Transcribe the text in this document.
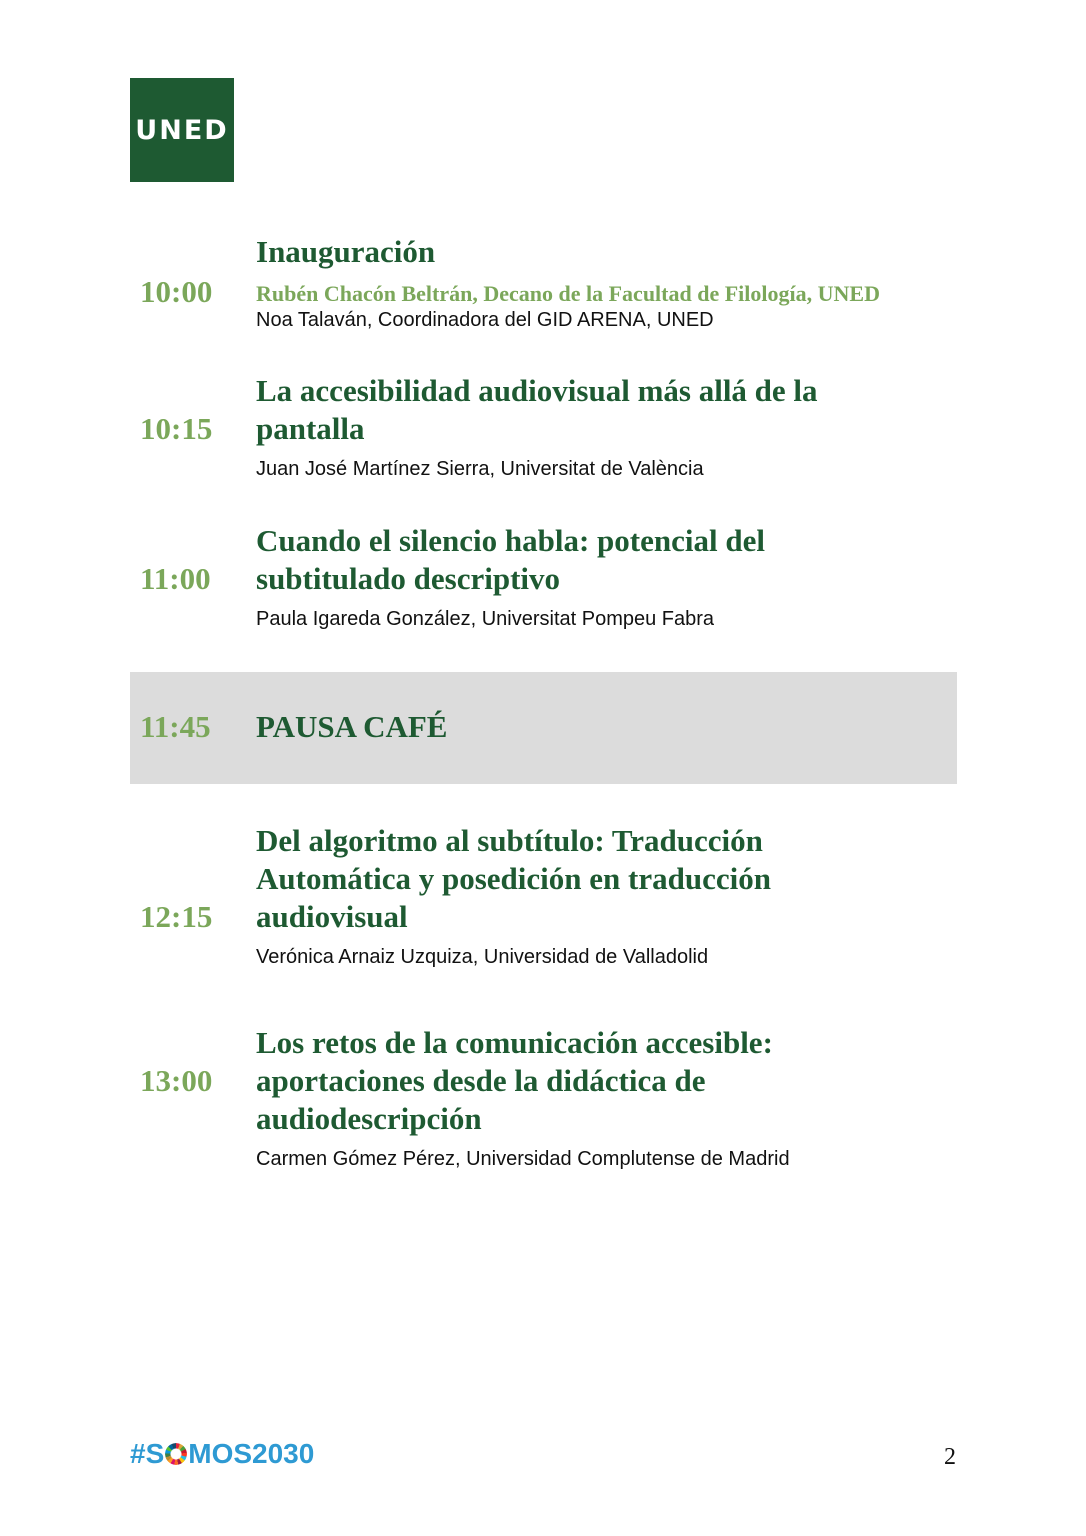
UNED
10:00
Inauguración
Rubén Chacón Beltrán, Decano de la Facultad de Filología, UNED
Noa Talaván, Coordinadora del GID ARENA, UNED
10:15
La accesibilidad audiovisual más allá de la
pantalla
Juan José Martínez Sierra, Universitat de València
11:00
Cuando el silencio habla: potencial del
subtitulado descriptivo
Paula Igareda González, Universitat Pompeu Fabra
11:45	PAUSA CAFÉ
12:15
Del algoritmo al subtítulo: Traducción
Automática y posedición en traducción
audiovisual
Verónica Arnaiz Uzquiza, Universidad de Valladolid
13:00
Los retos de la comunicación accesible:
aportaciones desde la didáctica de
audiodescripción
Carmen Gómez Pérez, Universidad Complutense de Madrid
#S MOS2030	2
